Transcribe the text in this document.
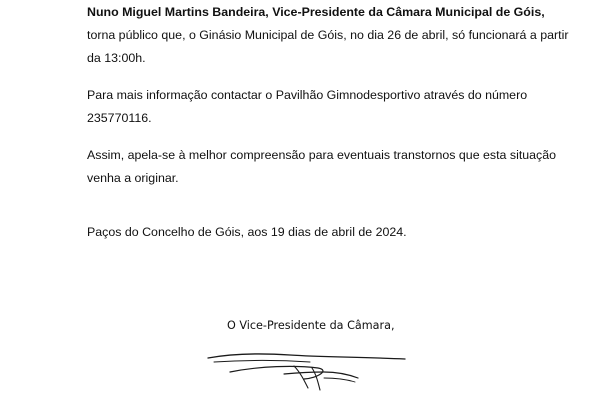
Nuno Miguel Martins Bandeira, Vice-Presidente da Câmara Municipal de Góis,
torna público que, o Ginásio Municipal de Góis, no dia 26 de abril, só funcionará a partir
da 13:00h.
Para mais informação contactar o Pavilhão Gimnodesportivo através do número
235770116.
Assim, apela-se à melhor compreensão para eventuais transtornos que esta situação
venha a originar.
Paços do Concelho de Góis, aos 19 dias de abril de 2024.
O Vice-Presidente da Câmara,
